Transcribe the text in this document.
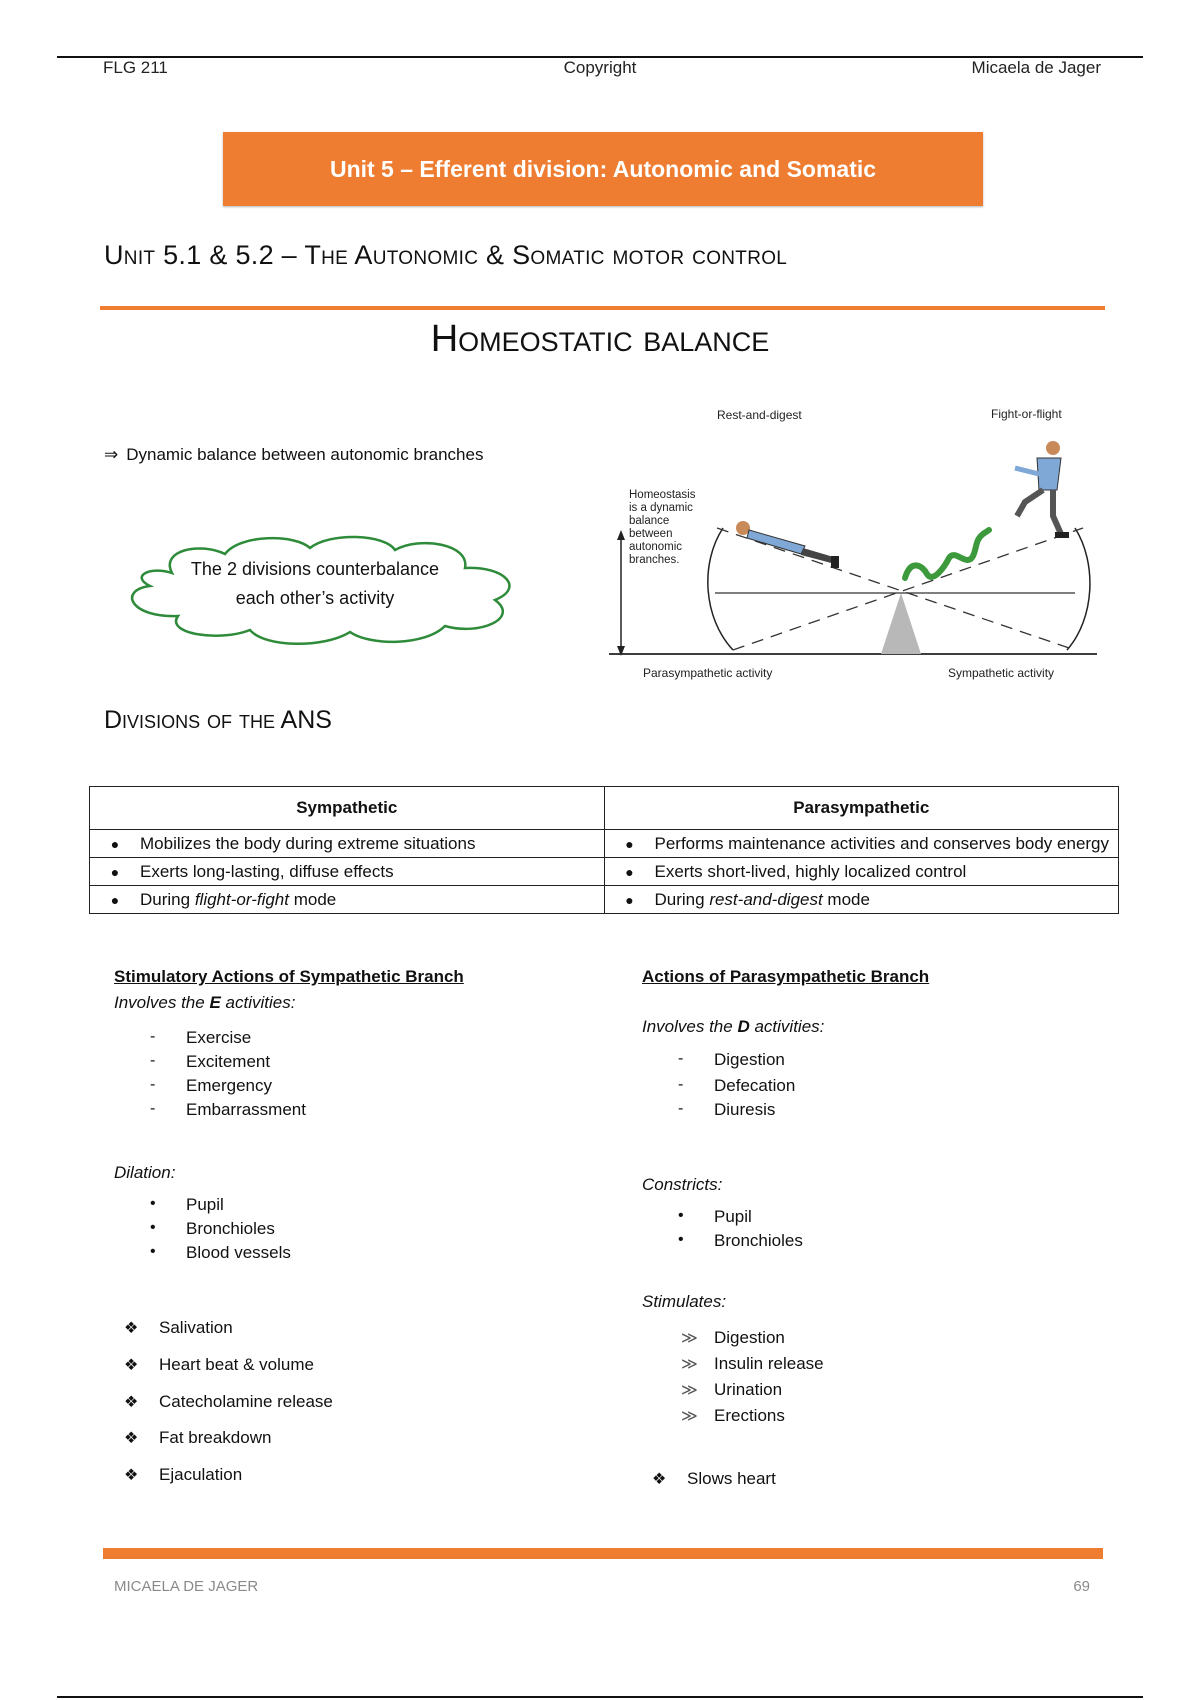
FLG 211	Copyright	Micaela de Jager
Unit 5 – Efferent division: Autonomic and Somatic
Unit 5.1 & 5.2 – The Autonomic & Somatic motor control
Homeostatic balance
⇒ Dynamic balance between autonomic branches
The 2 divisions counterbalance
each other’s activity
Rest-and-digest	Fight-or-flight
Homeostasis
is a dynamic
balance
between
autonomic
branches.
Parasympathetic activity	Sympathetic activity
Divisions of the ANS
Sympathetic	Parasympathetic

● Mobilizes the body during extreme situations	● Performs maintenance activities and conserves body energy

● Exerts long-lasting, diffuse effects	● Exerts short-lived, highly localized control

● During flight-or-fight mode	● During rest-and-digest mode
Stimulatory Actions of Sympathetic Branch
Involves the E activities:
- Exercise
- Excitement
- Emergency
- Embarrassment
Dilation:
• Pupil
• Bronchioles
• Blood vessels
❖ Salivation
❖ Heart beat & volume
❖ Catecholamine release
❖ Fat breakdown
❖ Ejaculation
Actions of Parasympathetic Branch
Involves the D activities:
- Digestion
- Defecation
- Diuresis
Constricts:
• Pupil
• Bronchioles
Stimulates:
≫ Digestion
≫ Insulin release
≫ Urination
≫ Erections
❖ Slows heart
MICAELA DE JAGER	69
